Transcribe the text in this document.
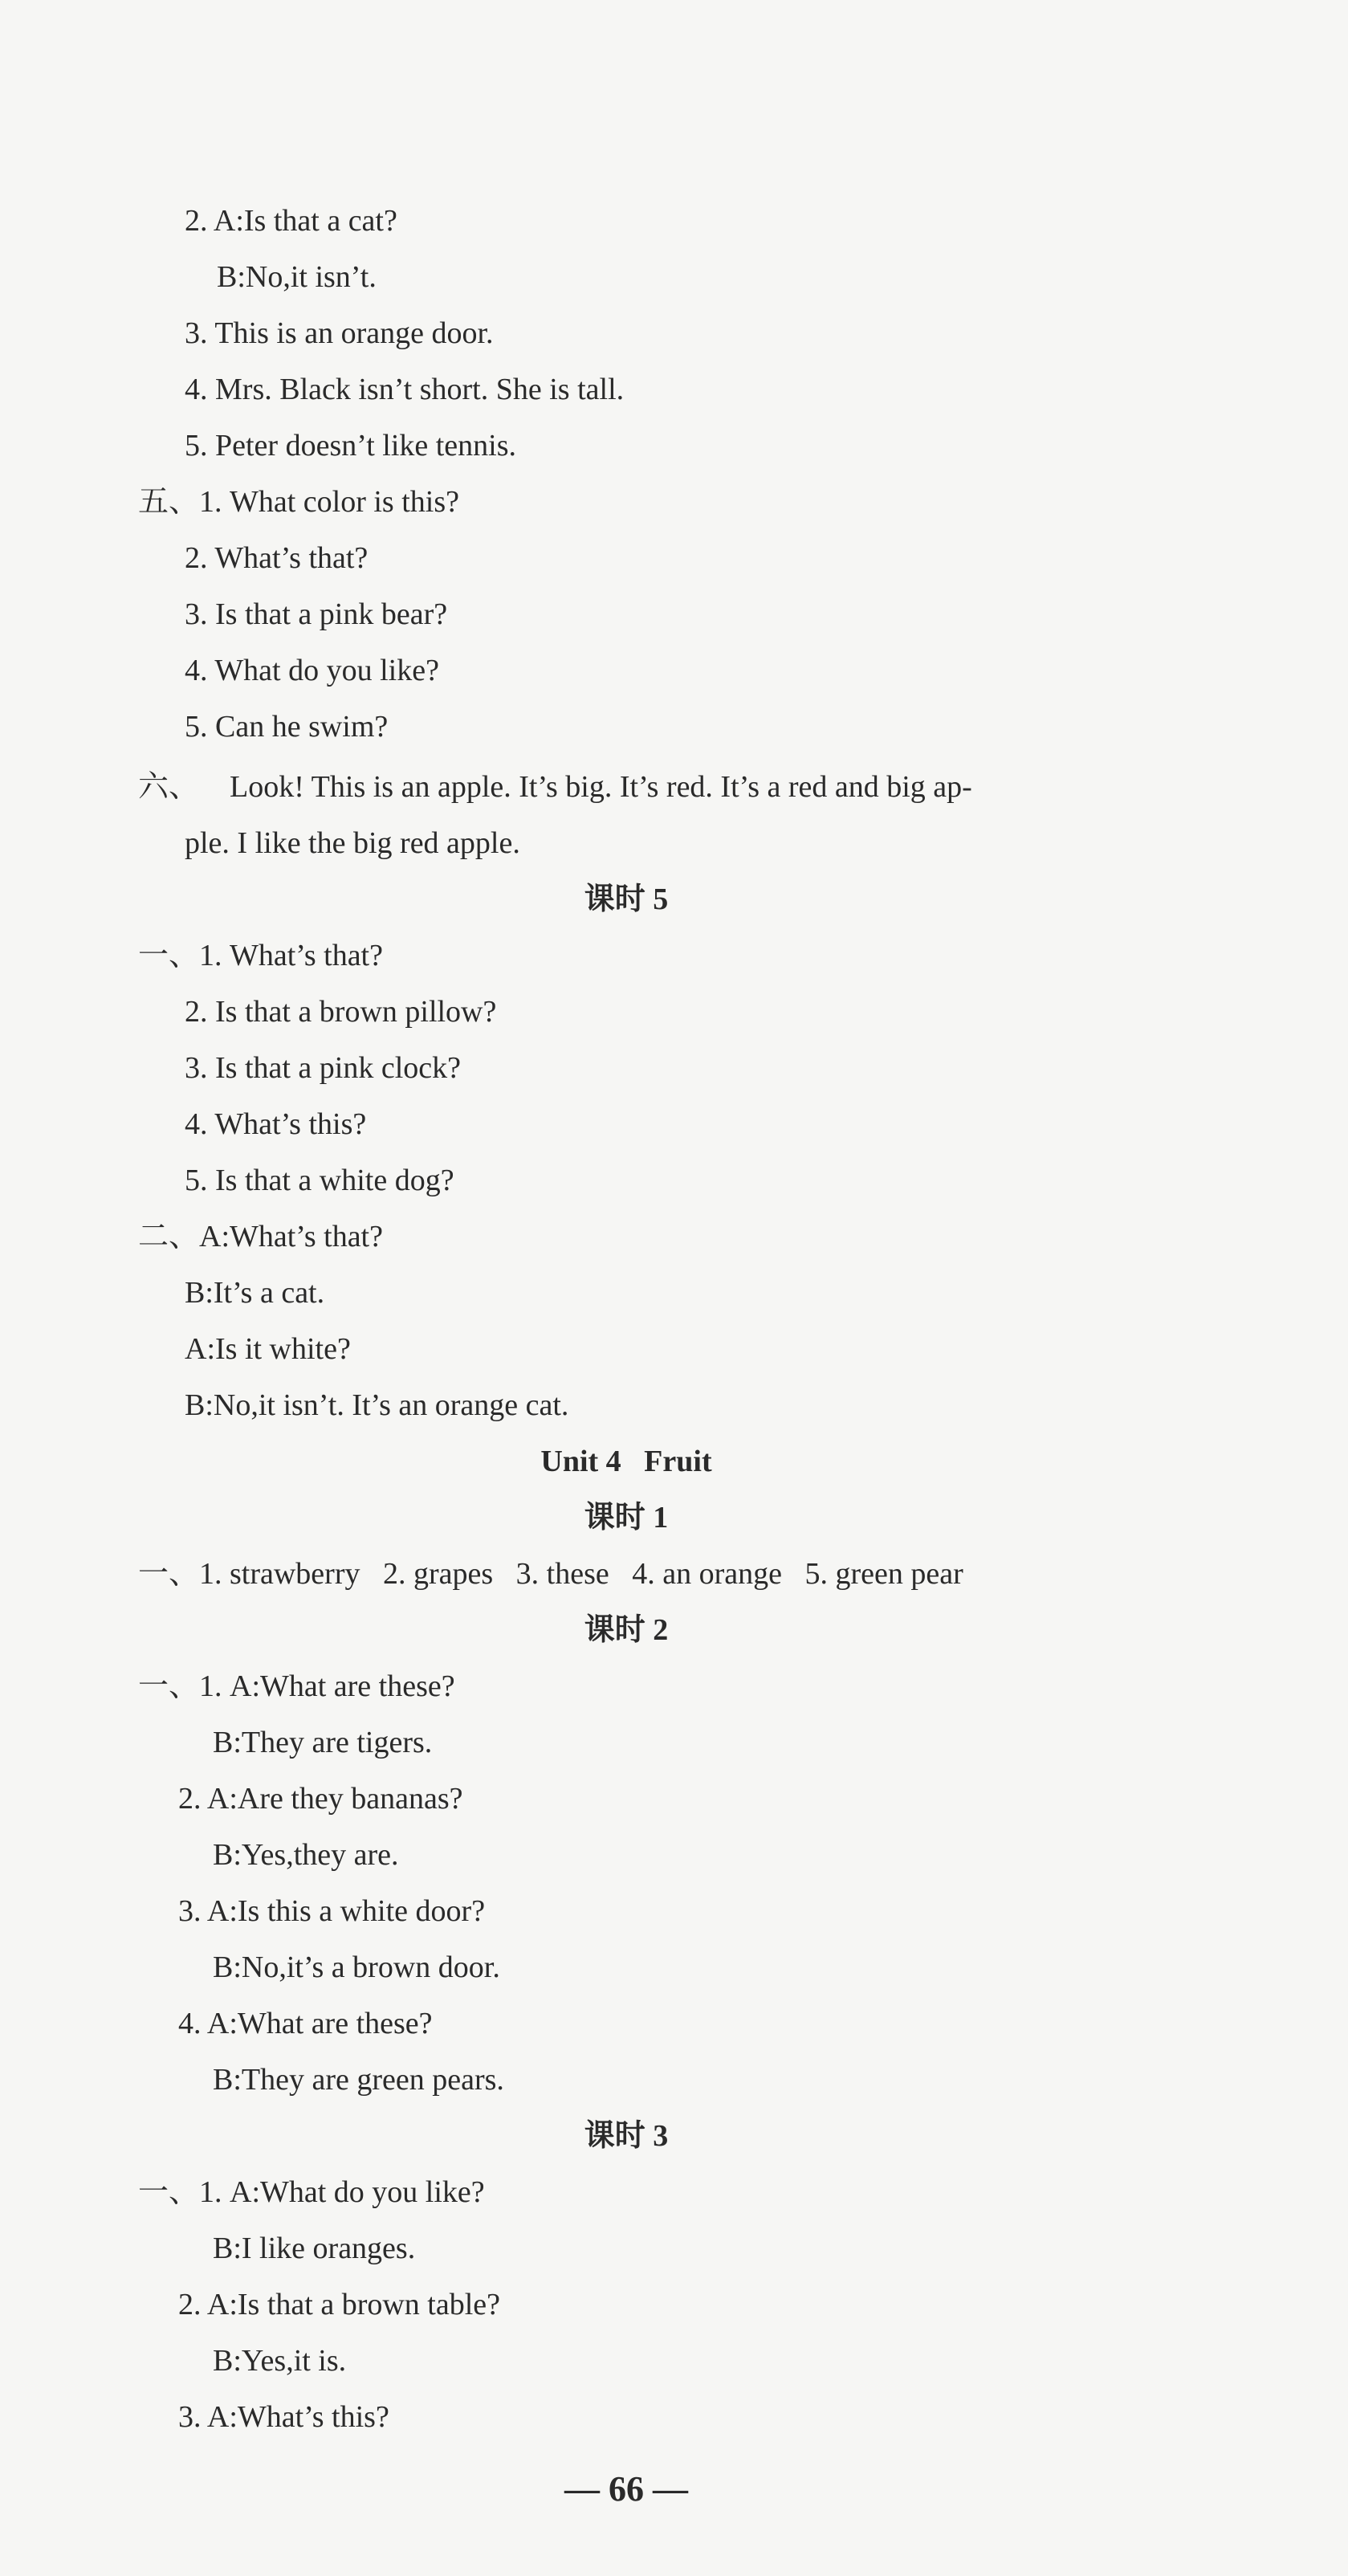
2. A:Is that a cat?

B:No,it isn’t.

3. This is an orange door.

4. Mrs. Black isn’t short. She is tall.

5. Peter doesn’t like tennis.

五、1. What color is this?

2. What’s that?

3. Is that a pink bear?

4. What do you like?

5. Can he swim?

六、    Look! This is an apple. It’s big. It’s red. It’s a red and big ap-

ple. I like the big red apple.

课时 5

一、1. What’s that?

2. Is that a brown pillow?

3. Is that a pink clock?

4. What’s this?

5. Is that a white dog?

二、A:What’s that?

B:It’s a cat.

A:Is it white?

B:No,it isn’t. It’s an orange cat.

Unit 4   Fruit
课时 1

一、1. strawberry   2. grapes   3. these   4. an orange   5. green pear

课时 2

一、1. A:What are these?

B:They are tigers.

2. A:Are they bananas?

B:Yes,they are.

3. A:Is this a white door?

B:No,it’s a brown door.

4. A:What are these?

B:They are green pears.

课时 3

一、1. A:What do you like?

B:I like oranges.

2. A:Is that a brown table?

B:Yes,it is.

3. A:What’s this?

— 66 —
